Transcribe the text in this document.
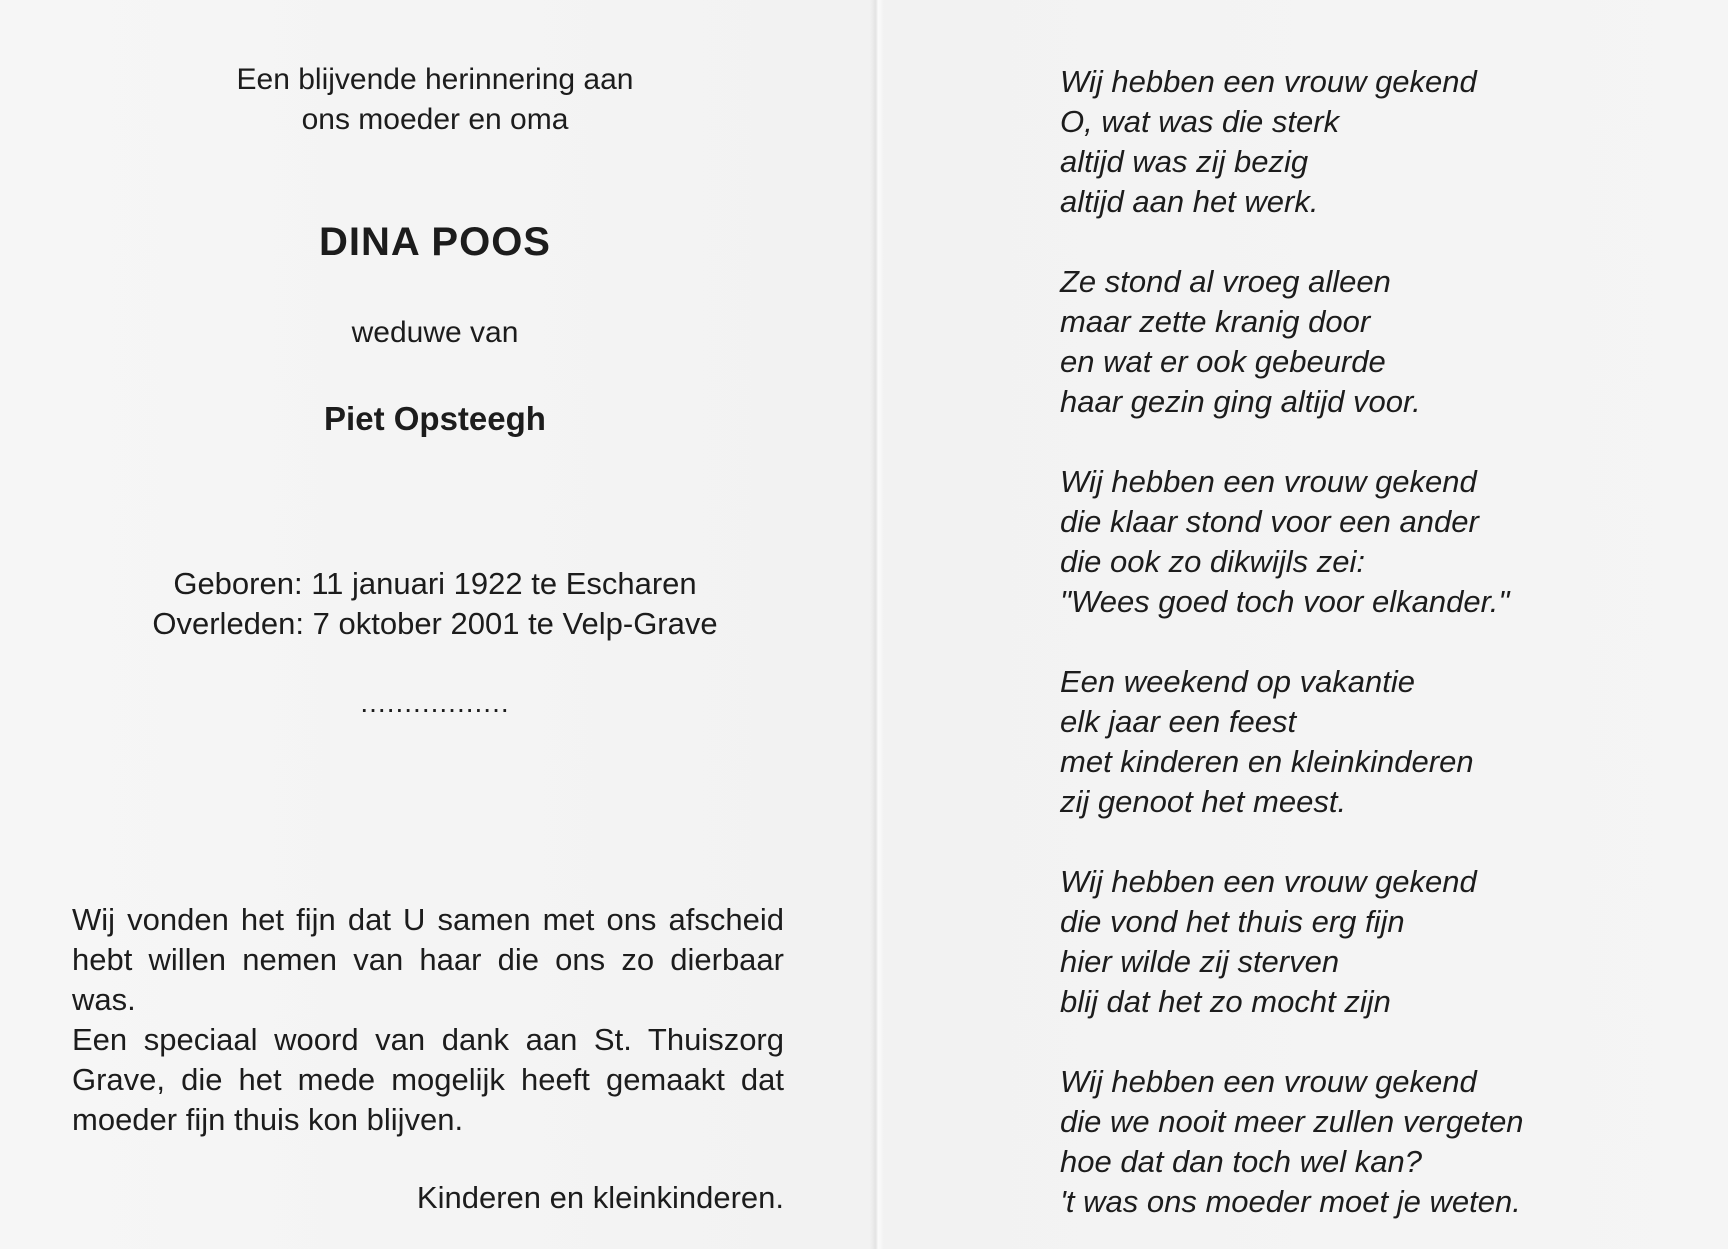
Een blijvende herinnering aan
ons moeder en oma
DINA POOS
weduwe van
Piet Opsteegh
Geboren: 11 januari 1922 te Escharen
Overleden: 7 oktober 2001 te Velp-Grave
.................

Wij vonden het fijn dat U samen met ons afscheid hebt willen nemen van haar die ons zo dierbaar was.

Een speciaal woord van dank aan St. Thuiszorg Grave, die het mede mogelijk heeft gemaakt dat moeder fijn thuis kon blijven.

Kinderen en kleinkinderen.
Wij hebben een vrouw gekend
O, wat was die sterk
altijd was zij bezig
altijd aan het werk.
Ze stond al vroeg alleen
maar zette kranig door
en wat er ook gebeurde
haar gezin ging altijd voor.
Wij hebben een vrouw gekend
die klaar stond voor een ander
die ook zo dikwijls zei:
"Wees goed toch voor elkander."
Een weekend op vakantie
elk jaar een feest
met kinderen en kleinkinderen
zij genoot het meest.
Wij hebben een vrouw gekend
die vond het thuis erg fijn
hier wilde zij sterven
blij dat het zo mocht zijn
Wij hebben een vrouw gekend
die we nooit meer zullen vergeten
hoe dat dan toch wel kan?
't was ons moeder moet je weten.
